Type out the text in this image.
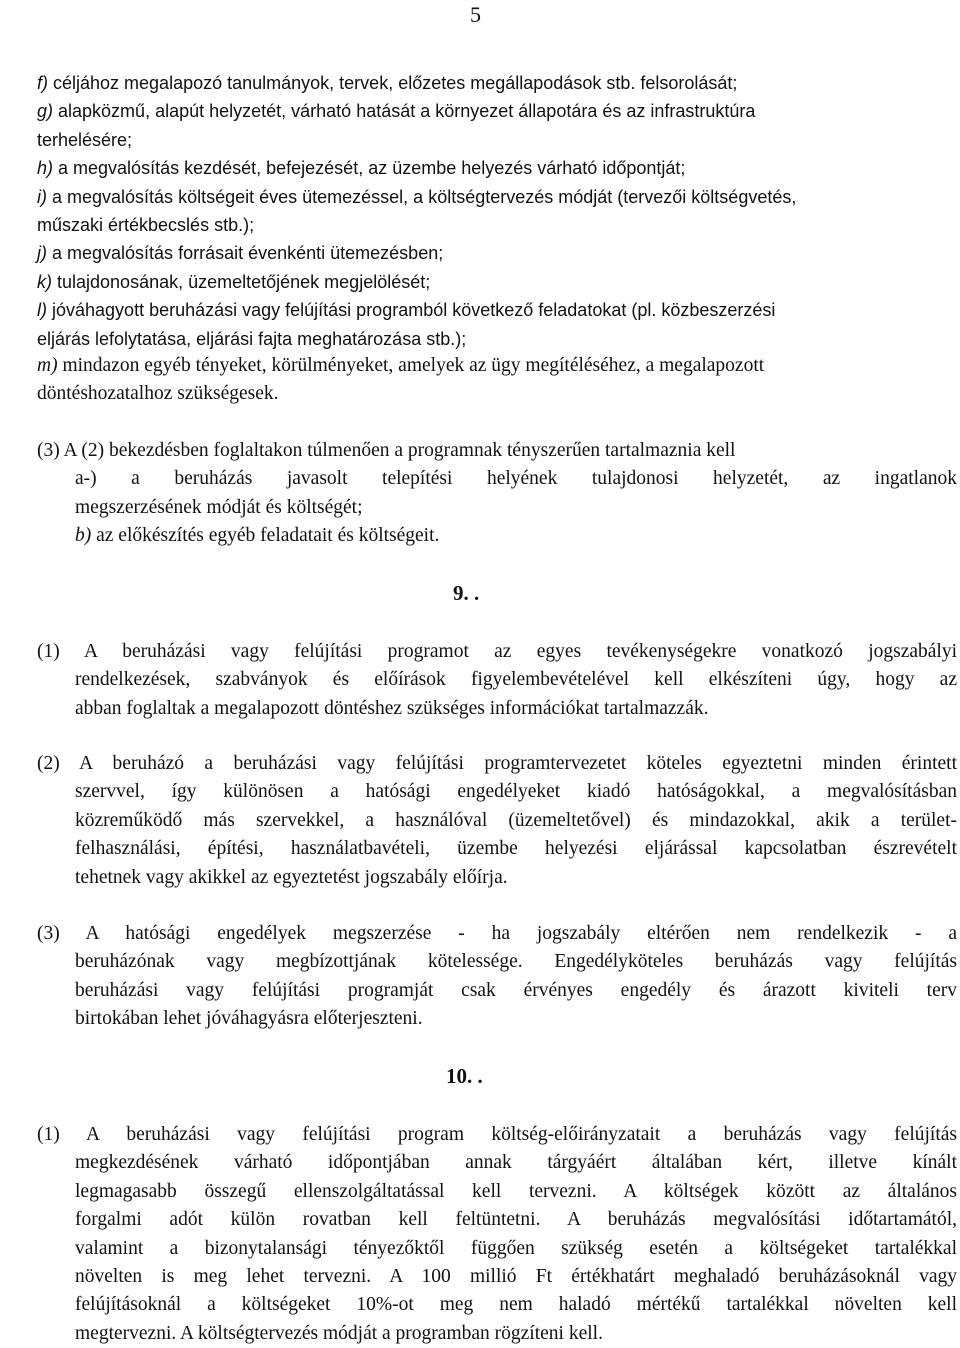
5
f) céljához megalapozó tanulmányok, tervek, előzetes megállapodások stb. felsorolását;
g) alapközmű, alapút helyzetét, várható hatását a környezet állapotára és az infrastruktúra
terhelésére;
h) a megvalósítás kezdését, befejezését, az üzembe helyezés várható időpontját;
i) a megvalósítás költségeit éves ütemezéssel, a költségtervezés módját (tervezői költségvetés,
műszaki értékbecslés stb.);
j) a megvalósítás forrásait évenkénti ütemezésben;
k) tulajdonosának, üzemeltetőjének megjelölését;
l) jóváhagyott beruházási vagy felújítási programból következő feladatokat (pl. közbeszerzési
eljárás lefolytatása, eljárási fajta meghatározása stb.);
m) mindazon egyéb tényeket, körülményeket, amelyek az ügy megítéléséhez, a megalapozott
döntéshozatalhoz szükségesek.
(3) A (2) bekezdésben foglaltakon túlmenően a programnak tényszerűen tartalmaznia kell
a-) a beruházás javasolt telepítési helyének tulajdonosi helyzetét, az ingatlanok
megszerzésének módját és költségét;
b) az előkészítés egyéb feladatait és költségeit.
9. .
(1) A beruházási vagy felújítási programot az egyes tevékenységekre vonatkozó jogszabályi
rendelkezések, szabványok és előírások figyelembevételével kell elkészíteni úgy, hogy az
abban foglaltak a megalapozott döntéshez szükséges információkat tartalmazzák.
(2) A beruházó a beruházási vagy felújítási programtervezetet köteles egyeztetni minden érintett
szervvel, így különösen a hatósági engedélyeket kiadó hatóságokkal, a megvalósításban
közreműködő más szervekkel, a használóval (üzemeltetővel) és mindazokkal, akik a terület-
felhasználási, építési, használatbavételi, üzembe helyezési eljárással kapcsolatban észrevételt
tehetnek vagy akikkel az egyeztetést jogszabály előírja.
(3) A hatósági engedélyek megszerzése - ha jogszabály eltérően nem rendelkezik - a
beruházónak vagy megbízottjának kötelessége. Engedélyköteles beruházás vagy felújítás
beruházási vagy felújítási programját csak érvényes engedély és árazott kiviteli terv
birtokában lehet jóváhagyásra előterjeszteni.
10. .
(1) A beruházási vagy felújítási program költség-előirányzatait a beruházás vagy felújítás
megkezdésének várható időpontjában annak tárgyáért általában kért, illetve kínált
legmagasabb összegű ellenszolgáltatással kell tervezni. A költségek között az általános
forgalmi adót külön rovatban kell feltüntetni. A beruházás megvalósítási időtartamától,
valamint a bizonytalansági tényezőktől függően szükség esetén a költségeket tartalékkal
növelten is meg lehet tervezni. A 100 millió Ft értékhatárt meghaladó beruházásoknál vagy
felújításoknál a költségeket 10%-ot meg nem haladó mértékű tartalékkal növelten kell
megtervezni. A költségtervezés módját a programban rögzíteni kell.
